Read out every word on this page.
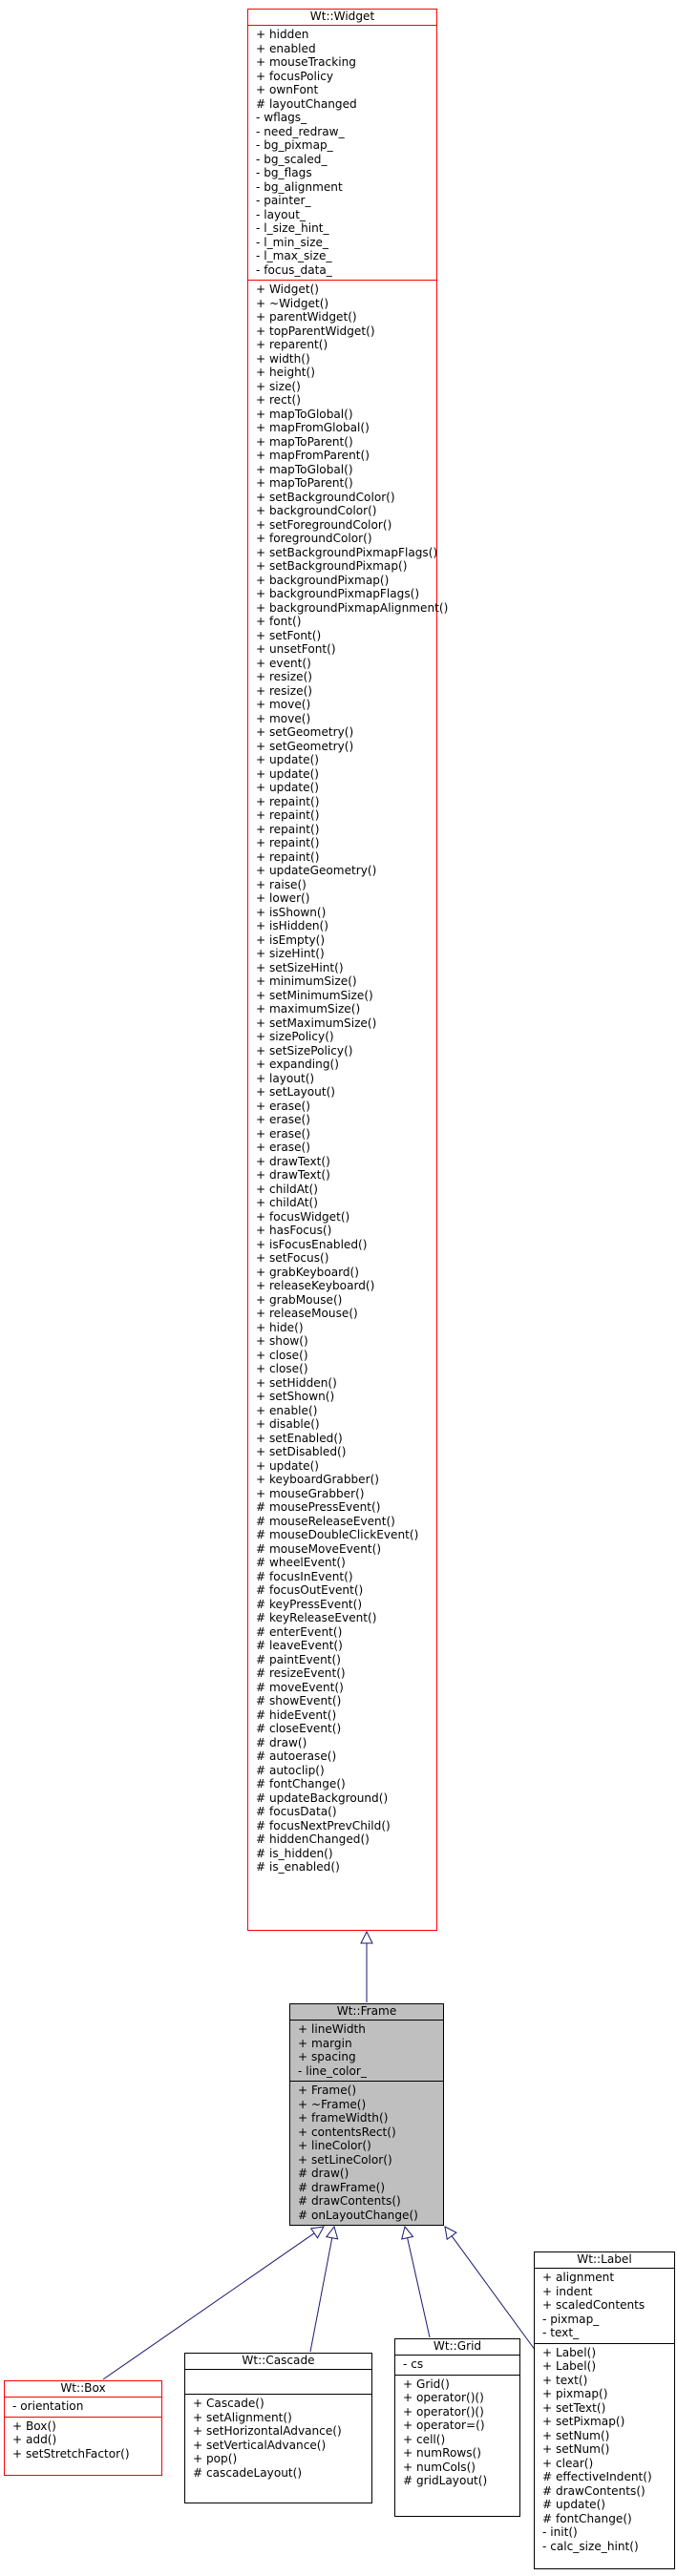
Wt::Widget
+ hidden
+ enabled
+ mouseTracking
+ focusPolicy
+ ownFont
# layoutChanged
- wflags_
- need_redraw_
- bg_pixmap_
- bg_scaled_
- bg_flags
- bg_alignment
- painter_
- layout_
- l_size_hint_
- l_min_size_
- l_max_size_
- focus_data_
+ Widget()
+ ~Widget()
+ parentWidget()
+ topParentWidget()
+ reparent()
+ width()
+ height()
+ size()
+ rect()
+ mapToGlobal()
+ mapFromGlobal()
+ mapToParent()
+ mapFromParent()
+ mapToGlobal()
+ mapToParent()
+ setBackgroundColor()
+ backgroundColor()
+ setForegroundColor()
+ foregroundColor()
+ setBackgroundPixmapFlags()
+ setBackgroundPixmap()
+ backgroundPixmap()
+ backgroundPixmapFlags()
+ backgroundPixmapAlignment()
+ font()
+ setFont()
+ unsetFont()
+ event()
+ resize()
+ resize()
+ move()
+ move()
+ setGeometry()
+ setGeometry()
+ update()
+ update()
+ update()
+ repaint()
+ repaint()
+ repaint()
+ repaint()
+ repaint()
+ updateGeometry()
+ raise()
+ lower()
+ isShown()
+ isHidden()
+ isEmpty()
+ sizeHint()
+ setSizeHint()
+ minimumSize()
+ setMinimumSize()
+ maximumSize()
+ setMaximumSize()
+ sizePolicy()
+ setSizePolicy()
+ expanding()
+ layout()
+ setLayout()
+ erase()
+ erase()
+ erase()
+ erase()
+ drawText()
+ drawText()
+ childAt()
+ childAt()
+ focusWidget()
+ hasFocus()
+ isFocusEnabled()
+ setFocus()
+ grabKeyboard()
+ releaseKeyboard()
+ grabMouse()
+ releaseMouse()
+ hide()
+ show()
+ close()
+ close()
+ setHidden()
+ setShown()
+ enable()
+ disable()
+ setEnabled()
+ setDisabled()
+ update()
+ keyboardGrabber()
+ mouseGrabber()
# mousePressEvent()
# mouseReleaseEvent()
# mouseDoubleClickEvent()
# mouseMoveEvent()
# wheelEvent()
# focusInEvent()
# focusOutEvent()
# keyPressEvent()
# keyReleaseEvent()
# enterEvent()
# leaveEvent()
# paintEvent()
# resizeEvent()
# moveEvent()
# showEvent()
# hideEvent()
# closeEvent()
# draw()
# autoerase()
# autoclip()
# fontChange()
# updateBackground()
# focusData()
# focusNextPrevChild()
# hiddenChanged()
# is_hidden()
# is_enabled()
Wt::Frame
+ lineWidth
+ margin
+ spacing
- line_color_
+ Frame()
+ ~Frame()
+ frameWidth()
+ contentsRect()
+ lineColor()
+ setLineColor()
# draw()
# drawFrame()
# drawContents()
# onLayoutChange()
Wt::Box
- orientation
+ Box()
+ add()
+ setStretchFactor()
Wt::Cascade
+ Cascade()
+ setAlignment()
+ setHorizontalAdvance()
+ setVerticalAdvance()
+ pop()
# cascadeLayout()
Wt::Grid
- cs
+ Grid()
+ operator()()
+ operator()()
+ operator=()
+ cell()
+ numRows()
+ numCols()
# gridLayout()
Wt::Label
+ alignment
+ indent
+ scaledContents
- pixmap_
- text_
+ Label()
+ Label()
+ text()
+ pixmap()
+ setText()
+ setPixmap()
+ setNum()
+ setNum()
+ clear()
# effectiveIndent()
# drawContents()
# update()
# fontChange()
- init()
- calc_size_hint()
